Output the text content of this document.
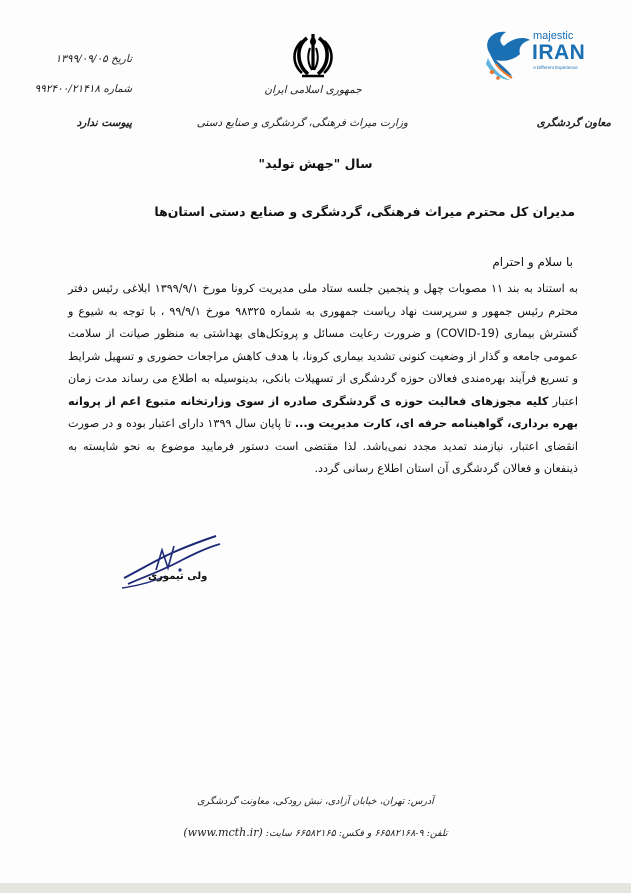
majestic
IRAN
A Different Experience
معاون گردشگری
جمهوری اسلامی ایران
وزارت میراث فرهنگی، گردشگری و صنایع دستی
تاریخ ۱۳۹۹/۰۹/۰۵
شماره ۹۹۲۴۰۰/۲۱۴۱۸
پیوست ندارد
سال "جهش تولید"
مدیران کل محترم میراث فرهنگی، گردشگری و صنایع دستی استان‌ها
با سلام و احترام
به استناد به بند ۱۱ مصوبات چهل و پنجمین جلسه ستاد ملی مدیریت کرونا مورخ ۱۳۹۹/۹/۱ ابلاغی رئیس دفتر محترم رئیس جمهور و سرپرست نهاد ریاست جمهوری به شماره ۹۸۳۲۵ مورخ ۹۹/۹/۱ ، با توجه به شیوع و گسترش بیماری (COVID-19) و ضرورت رعایت مسائل و پروتکل‌های بهداشتی به منظور صیانت از سلامت عمومی جامعه و گذار از وضعیت کنونی تشدید بیماری کرونا، با هدف کاهش مراجعات حضوری و تسهیل شرایط و تسریع فرآیند بهره‌مندی فعالان حوزه گردشگری از تسهیلات بانکی، بدینوسیله به اطلاع می رساند مدت زمان اعتبار کلیه مجوزهای فعالیت حوزه ی گردشگری صادره از سوی وزارتخانه متبوع اعم از پروانه بهره برداری، گواهینامه حرفه ای، کارت مدیریت و... تا پایان سال ۱۳۹۹ دارای اعتبار بوده و در صورت انقضای اعتبار، نیازمند تمدید مجدد نمی‌باشد. لذا مقتضی است دستور فرمایید موضوع به نحو شایسته به ذینفعان و فعالان گردشگری آن استان اطلاع رسانی گردد.
ولی تیموری
آدرس: تهران، خیابان آزادی، نبش رودکی، معاونت گردشگری
تلفن: ۹-۶۶۵۸۲۱۶۸ و فکس: ۶۶۵۸۲۱۶۵ سایت: (www.mcth.ir)
